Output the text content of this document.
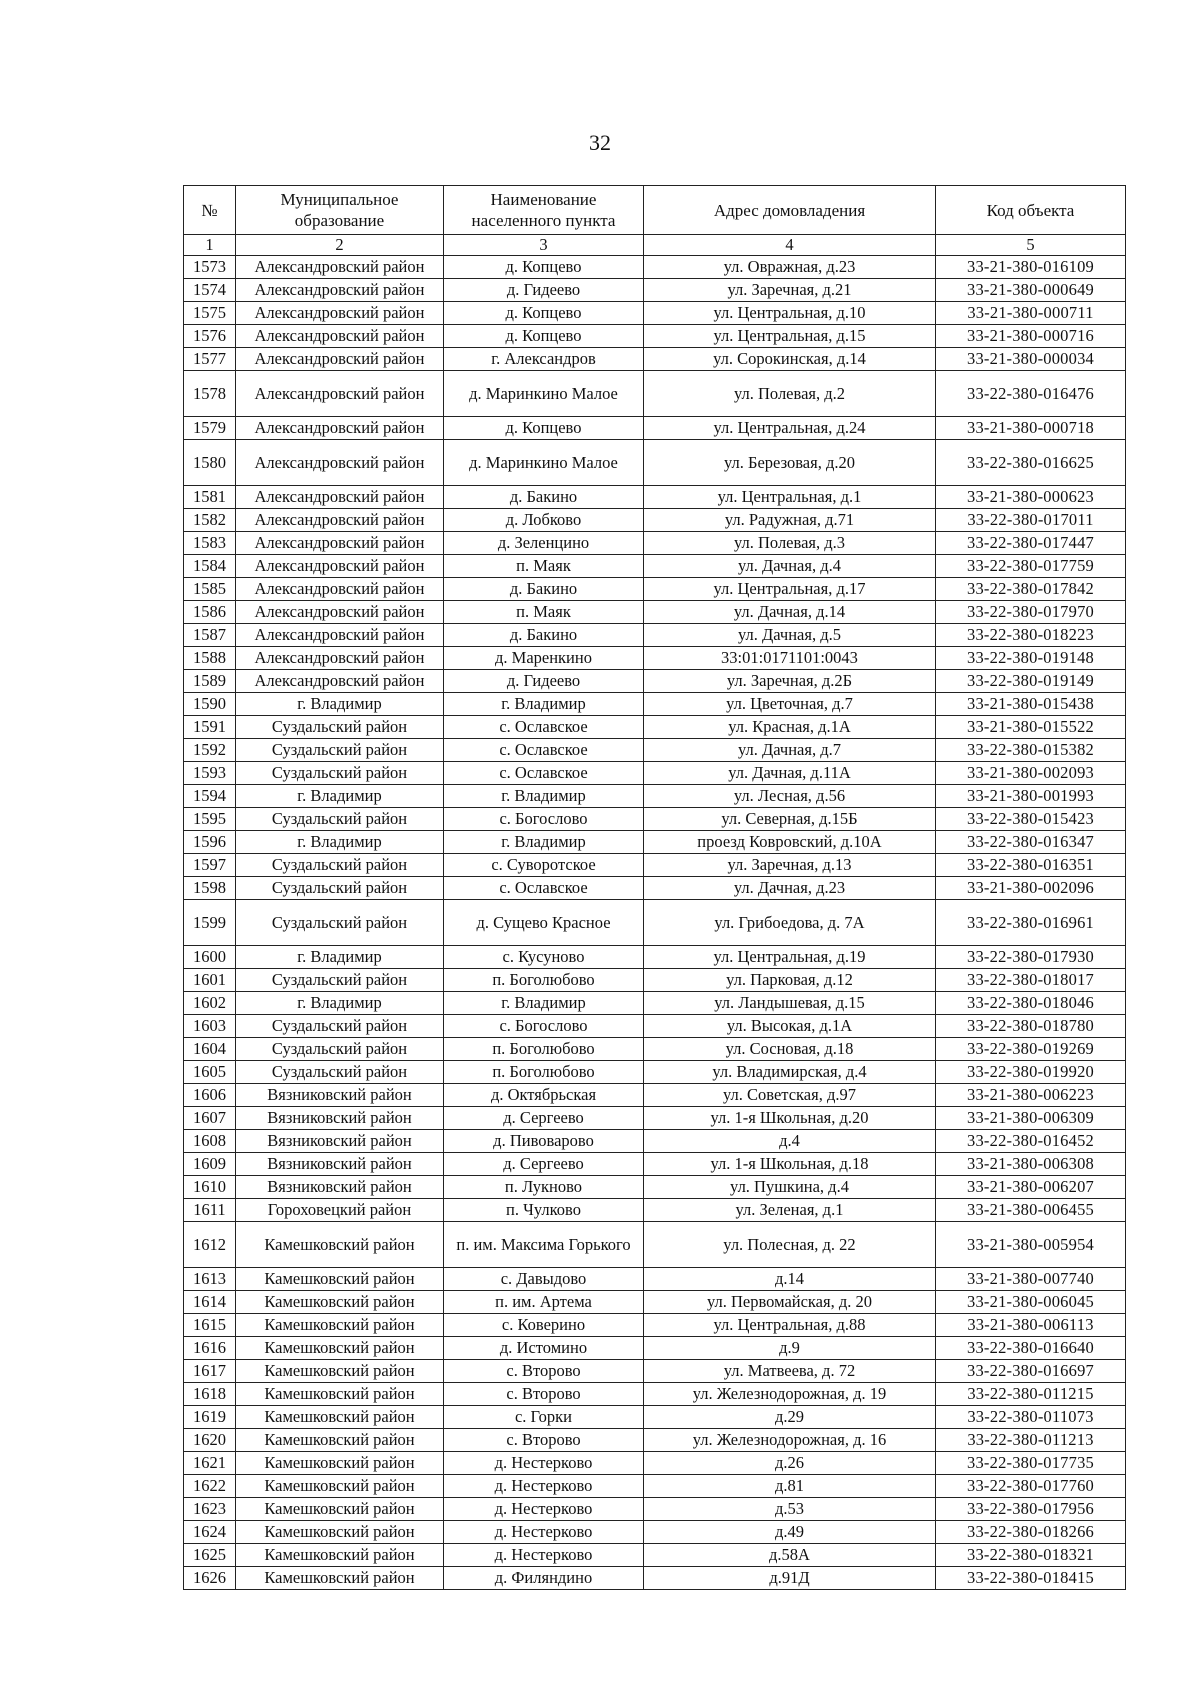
32
№	Муниципальное образование	Наименование населенного пункта	Адрес домовладения	Код объекта
1	2	3	4	5
1573	Александровский район	д. Копцево	ул. Овражная, д.23	33-21-380-016109
1574	Александровский район	д. Гидеево	ул. Заречная, д.21	33-21-380-000649
1575	Александровский район	д. Копцево	ул. Центральная, д.10	33-21-380-000711
1576	Александровский район	д. Копцево	ул. Центральная, д.15	33-21-380-000716
1577	Александровский район	г. Александров	ул. Сорокинская, д.14	33-21-380-000034
1578	Александровский район	д. Маринкино Малое	ул. Полевая, д.2	33-22-380-016476
1579	Александровский район	д. Копцево	ул. Центральная, д.24	33-21-380-000718
1580	Александровский район	д. Маринкино Малое	ул. Березовая, д.20	33-22-380-016625
1581	Александровский район	д. Бакино	ул. Центральная, д.1	33-21-380-000623
1582	Александровский район	д. Лобково	ул. Радужная, д.71	33-22-380-017011
1583	Александровский район	д. Зеленцино	ул. Полевая, д.3	33-22-380-017447
1584	Александровский район	п. Маяк	ул. Дачная, д.4	33-22-380-017759
1585	Александровский район	д. Бакино	ул. Центральная, д.17	33-22-380-017842
1586	Александровский район	п. Маяк	ул. Дачная, д.14	33-22-380-017970
1587	Александровский район	д. Бакино	ул. Дачная, д.5	33-22-380-018223
1588	Александровский район	д. Маренкино	33:01:0171101:0043	33-22-380-019148
1589	Александровский район	д. Гидеево	ул. Заречная, д.2Б	33-22-380-019149
1590	г. Владимир	г. Владимир	ул. Цветочная, д.7	33-21-380-015438
1591	Суздальский район	с. Ославское	ул. Красная, д.1А	33-21-380-015522
1592	Суздальский район	с. Ославское	ул. Дачная, д.7	33-22-380-015382
1593	Суздальский район	с. Ославское	ул. Дачная, д.11А	33-21-380-002093
1594	г. Владимир	г. Владимир	ул. Лесная, д.56	33-21-380-001993
1595	Суздальский район	с. Богослово	ул. Северная, д.15Б	33-22-380-015423
1596	г. Владимир	г. Владимир	проезд Ковровский, д.10А	33-22-380-016347
1597	Суздальский район	с. Суворотское	ул. Заречная, д.13	33-22-380-016351
1598	Суздальский район	с. Ославское	ул. Дачная, д.23	33-21-380-002096
1599	Суздальский район	д. Сущево Красное	ул. Грибоедова, д. 7А	33-22-380-016961
1600	г. Владимир	с. Кусуново	ул. Центральная, д.19	33-22-380-017930
1601	Суздальский район	п. Боголюбово	ул. Парковая, д.12	33-22-380-018017
1602	г. Владимир	г. Владимир	ул. Ландышевая, д.15	33-22-380-018046
1603	Суздальский район	с. Богослово	ул. Высокая, д.1А	33-22-380-018780
1604	Суздальский район	п. Боголюбово	ул. Сосновая, д.18	33-22-380-019269
1605	Суздальский район	п. Боголюбово	ул. Владимирская, д.4	33-22-380-019920
1606	Вязниковский район	д. Октябрьская	ул. Советская, д.97	33-21-380-006223
1607	Вязниковский район	д. Сергеево	ул. 1-я Школьная, д.20	33-21-380-006309
1608	Вязниковский район	д. Пивоварово	д.4	33-22-380-016452
1609	Вязниковский район	д. Сергеево	ул. 1-я Школьная, д.18	33-21-380-006308
1610	Вязниковский район	п. Лукново	ул. Пушкина, д.4	33-21-380-006207
1611	Гороховецкий район	п. Чулково	ул. Зеленая, д.1	33-21-380-006455
1612	Камешковский район	п. им. Максима Горького	ул. Полесная, д. 22	33-21-380-005954
1613	Камешковский район	с. Давыдово	д.14	33-21-380-007740
1614	Камешковский район	п. им. Артема	ул. Первомайская, д. 20	33-21-380-006045
1615	Камешковский район	с. Коверино	ул. Центральная, д.88	33-21-380-006113
1616	Камешковский район	д. Истомино	д.9	33-22-380-016640
1617	Камешковский район	с. Второво	ул. Матвеева, д. 72	33-22-380-016697
1618	Камешковский район	с. Второво	ул. Железнодорожная, д. 19	33-22-380-011215
1619	Камешковский район	с. Горки	д.29	33-22-380-011073
1620	Камешковский район	с. Второво	ул. Железнодорожная, д. 16	33-22-380-011213
1621	Камешковский район	д. Нестерково	д.26	33-22-380-017735
1622	Камешковский район	д. Нестерково	д.81	33-22-380-017760
1623	Камешковский район	д. Нестерково	д.53	33-22-380-017956
1624	Камешковский район	д. Нестерково	д.49	33-22-380-018266
1625	Камешковский район	д. Нестерково	д.58А	33-22-380-018321
1626	Камешковский район	д. Филяндино	д.91Д	33-22-380-018415
